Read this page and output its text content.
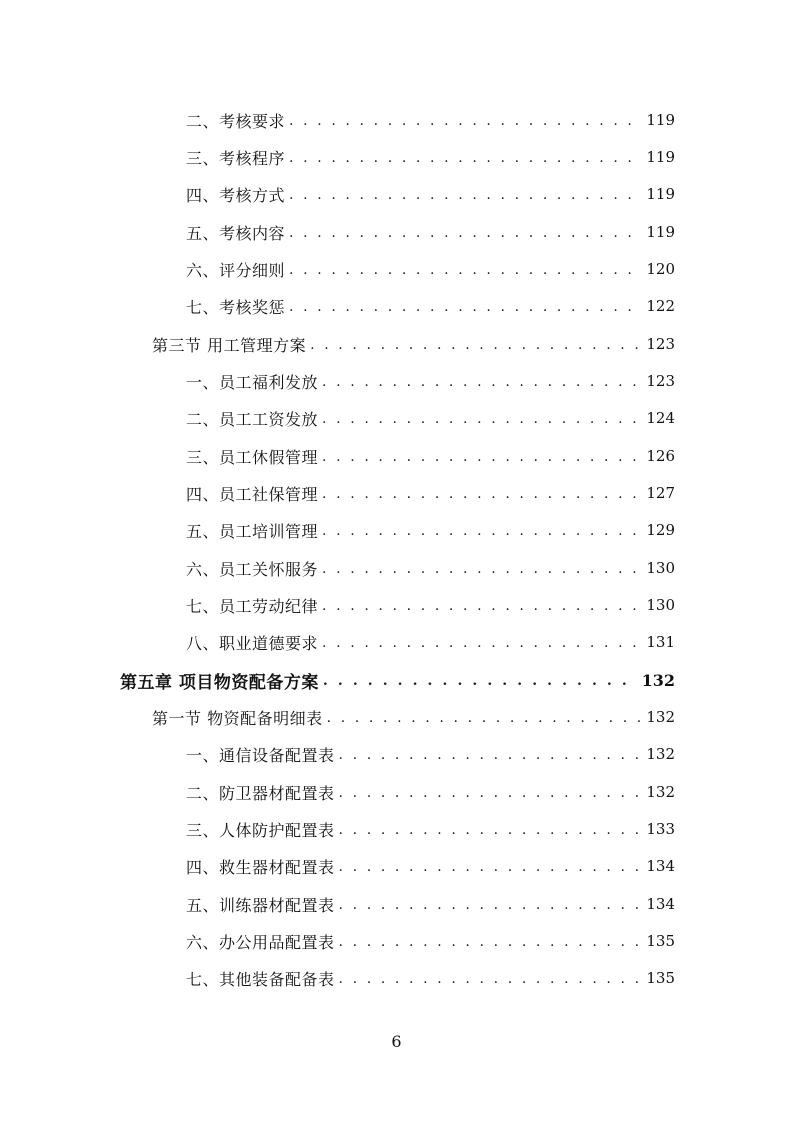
二、考核要求 . . .	119
三、考核程序 . . .	119
四、考核方式 . . .	119
五、考核内容 . . .	119
六、评分细则 . . .	120
七、考核奖惩 . . .	122
第三节 用工管理方案 . . .	123
一、员工福利发放 . . .	123
二、员工工资发放 . . .	124
三、员工休假管理 . . .	126
四、员工社保管理 . . .	127
五、员工培训管理 . . .	129
六、员工关怀服务 . . .	130
七、员工劳动纪律 . . .	130
八、职业道德要求 . . .	131
第五章 项目物资配备方案 . . .	132
第一节 物资配备明细表 . . .	132
一、通信设备配置表 . . .	132
二、防卫器材配置表 . . .	132
三、人体防护配置表 . . .	133
四、救生器材配置表 . . .	134
五、训练器材配置表 . . .	134
六、办公用品配置表 . . .	135
七、其他装备配备表 . . .	135
6
